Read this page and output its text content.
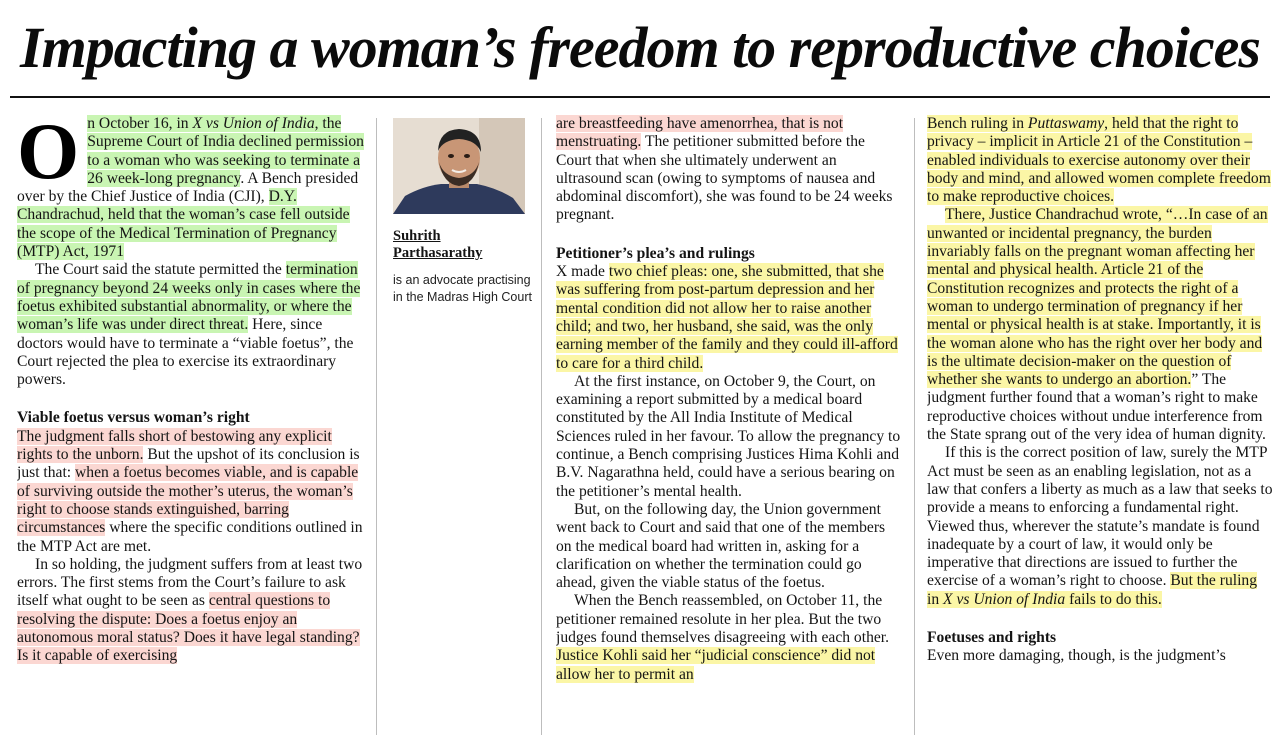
Impacting a woman’s freedom to reproductive choices

On October 16, in X vs Union of India, the Supreme Court of India declined permission to a woman who was seeking to terminate a 26 week-long pregnancy. A Bench presided over by the Chief Justice of India (CJI), D.Y. Chandrachud, held that the woman’s case fell outside the scope of the Medical Termination of Pregnancy (MTP) Act, 1971

The Court said the statute permitted the termination of pregnancy beyond 24 weeks only in cases where the foetus exhibited substantial abnormality, or where the woman’s life was under direct threat. Here, since doctors would have to terminate a “viable foetus”, the Court rejected the plea to exercise its extraordinary powers.

Viable foetus versus woman’s right

The judgment falls short of bestowing any explicit rights to the unborn. But the upshot of its conclusion is just that: when a foetus becomes viable, and is capable of surviving outside the mother’s uterus, the woman’s right to choose stands extinguished, barring circumstances where the specific conditions outlined in the MTP Act are met.

In so holding, the judgment suffers from at least two errors. The first stems from the Court’s failure to ask itself what ought to be seen as central questions to resolving the dispute: Does a foetus enjoy an autonomous moral status? Does it have legal standing? Is it capable of exercising

Suhrith Parthasarathy
is an advocate practising in the Madras High Court

are breastfeeding have amenorrhea, that is not menstruating. The petitioner submitted before the Court that when she ultimately underwent an ultrasound scan (owing to symptoms of nausea and abdominal discomfort), she was found to be 24 weeks pregnant.

Petitioner’s plea’s and rulings

X made two chief pleas: one, she submitted, that she was suffering from post-partum depression and her mental condition did not allow her to raise another child; and two, her husband, she said, was the only earning member of the family and they could ill-afford to care for a third child.

At the first instance, on October 9, the Court, on examining a report submitted by a medical board constituted by the All India Institute of Medical Sciences ruled in her favour. To allow the pregnancy to continue, a Bench comprising Justices Hima Kohli and B.V. Nagarathna held, could have a serious bearing on the petitioner’s mental health.

But, on the following day, the Union government went back to Court and said that one of the members on the medical board had written in, asking for a clarification on whether the termination could go ahead, given the viable status of the foetus.

When the Bench reassembled, on October 11, the petitioner remained resolute in her plea. But the two judges found themselves disagreeing with each other. Justice Kohli said her “judicial conscience” did not allow her to permit an

Bench ruling in Puttaswamy, held that the right to privacy – implicit in Article 21 of the Constitution –enabled individuals to exercise autonomy over their body and mind, and allowed women complete freedom to make reproductive choices.

There, Justice Chandrachud wrote, “…In case of an unwanted or incidental pregnancy, the burden invariably falls on the pregnant woman affecting her mental and physical health. Article 21 of the Constitution recognizes and protects the right of a woman to undergo termination of pregnancy if her mental or physical health is at stake. Importantly, it is the woman alone who has the right over her body and is the ultimate decision-maker on the question of whether she wants to undergo an abortion.” The judgment further found that a woman’s right to make reproductive choices without undue interference from the State sprang out of the very idea of human dignity.

If this is the correct position of law, surely the MTP Act must be seen as an enabling legislation, not as a law that confers a liberty as much as a law that seeks to provide a means to enforcing a fundamental right. Viewed thus, wherever the statute’s mandate is found inadequate by a court of law, it would only be imperative that directions are issued to further the exercise of a woman’s right to choose. But the ruling in X vs Union of India fails to do this.

Foetuses and rights

Even more damaging, though, is the judgment’s
